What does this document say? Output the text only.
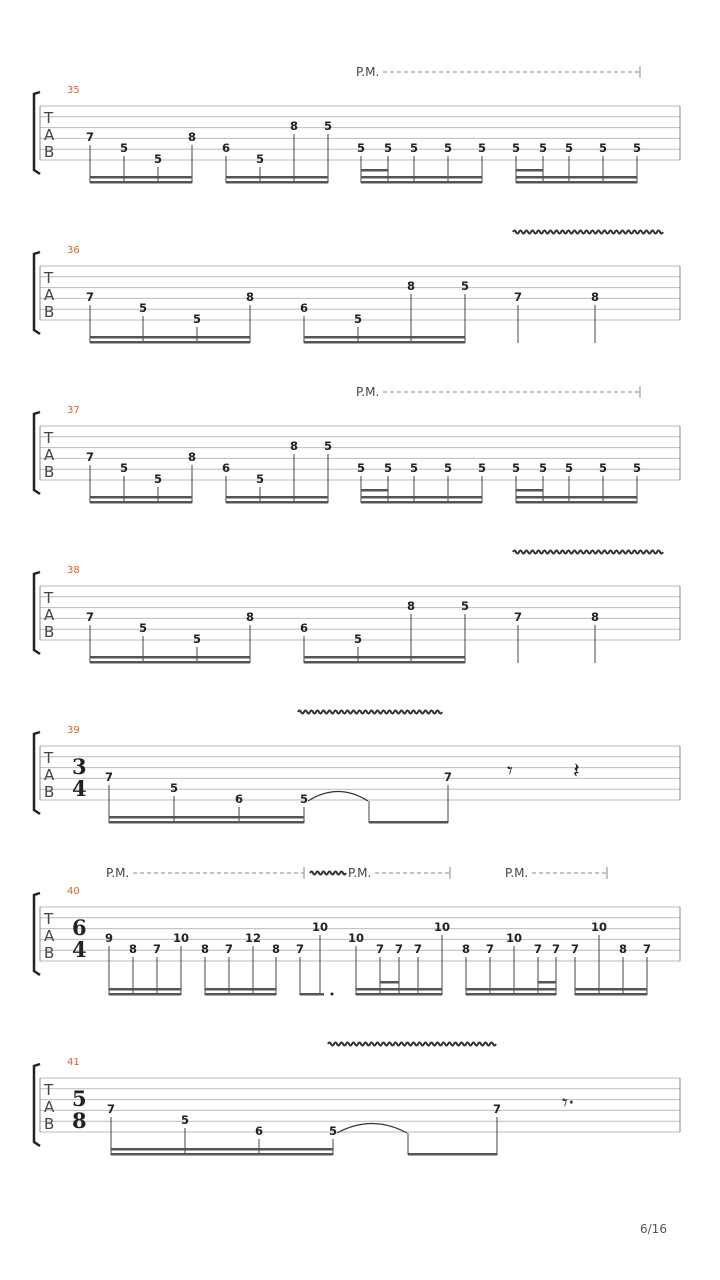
T
A
B
35
P.M.
7
5
5
8
6
5
8 5
5 5 5 5 5 5 5 5 5 5
T
A
B
36
7
5
5
8
6
5
8	5
7	8
T
A
B
37
P.M.
7
5
5
8
6
5
8 5
5 5 5 5 5 5 5 5 5 5
T
A
B
38
7
5
5
8
6
5
8	5
7	8
T
A
B
39
3
4 7
5
6	5
7 𝄾	𝄽
T
A
B
40
6
4
P.M.	P.M.	P.M.
9
8 7
10
8 7
12
8 7
10
10
7 7 7
10
8 7
10
7 7 7
10
8 7
T
A
B
41
5
8 7
5
6	5
7	𝄾·
6/16
